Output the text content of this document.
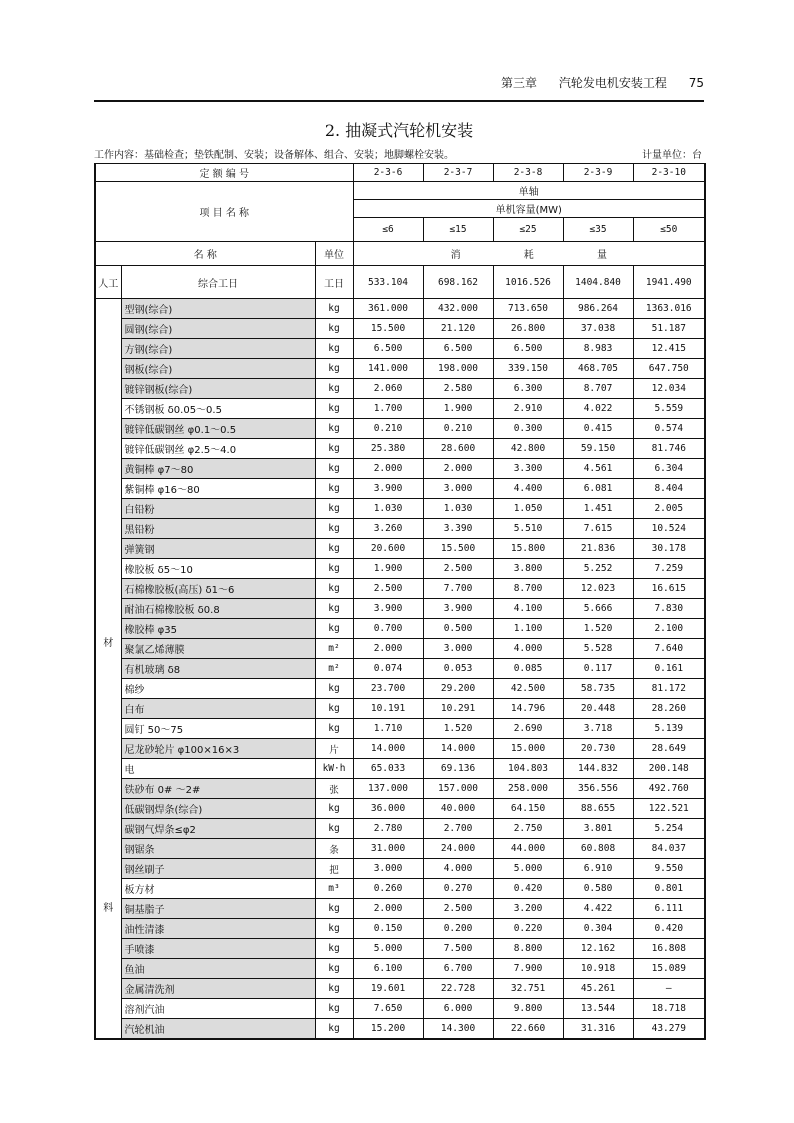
第三章 汽轮发电机安装工程 75
2. 抽凝式汽轮机安装
工作内容：基础检查；垫铁配制、安装；设备解体、组合、安装；地脚螺栓安装。	计量单位：台
定 额 编 号			2-3-6	2-3-7	2-3-8	2-3-9	2-3-10
项 目 名 称			单轴				
			单机容量(MW)				
			≤6	≤15	≤25	≤35	≤50
名 称		单位	消 耗 量				
人工	综合工日	工日	533.104	698.162	1016.526	1404.840	1941.490

材
料	型钢(综合)	kg	361.000	432.000	713.650	986.264	1363.016
	圆钢(综合)	kg	15.500	21.120	26.800	37.038	51.187
	方钢(综合)	kg	6.500	6.500	6.500	8.983	12.415
	钢板(综合)	kg	141.000	198.000	339.150	468.705	647.750
	镀锌钢板(综合)	kg	2.060	2.580	6.300	8.707	12.034
	不锈钢板 δ0.05～0.5	kg	1.700	1.900	2.910	4.022	5.559
	镀锌低碳钢丝 φ0.1～0.5	kg	0.210	0.210	0.300	0.415	0.574
	镀锌低碳钢丝 φ2.5～4.0	kg	25.380	28.600	42.800	59.150	81.746
	黄铜棒 φ7～80	kg	2.000	2.000	3.300	4.561	6.304
	紫铜棒 φ16～80	kg	3.900	3.000	4.400	6.081	8.404
	白铅粉	kg	1.030	1.030	1.050	1.451	2.005
	黑铅粉	kg	3.260	3.390	5.510	7.615	10.524
	弹簧钢	kg	20.600	15.500	15.800	21.836	30.178
	橡胶板 δ5～10	kg	1.900	2.500	3.800	5.252	7.259
	石棉橡胶板(高压) δ1～6	kg	2.500	7.700	8.700	12.023	16.615
	耐油石棉橡胶板 δ0.8	kg	3.900	3.900	4.100	5.666	7.830
	橡胶棒 φ35	kg	0.700	0.500	1.100	1.520	2.100
	聚氯乙烯薄膜	m²	2.000	3.000	4.000	5.528	7.640
	有机玻璃 δ8	m²	0.074	0.053	0.085	0.117	0.161
	棉纱	kg	23.700	29.200	42.500	58.735	81.172
	白布	kg	10.191	10.291	14.796	20.448	28.260
	圆钉 50～75	kg	1.710	1.520	2.690	3.718	5.139
	尼龙砂轮片 φ100×16×3	片	14.000	14.000	15.000	20.730	28.649
	电	kW·h	65.033	69.136	104.803	144.832	200.148
	铁砂布 0# ～2#	张	137.000	157.000	258.000	356.556	492.760
	低碳钢焊条(综合)	kg	36.000	40.000	64.150	88.655	122.521
	碳钢气焊条≤φ2	kg	2.780	2.700	2.750	3.801	5.254
	钢锯条	条	31.000	24.000	44.000	60.808	84.037
	钢丝刷子	把	3.000	4.000	5.000	6.910	9.550
	板方材	m³	0.260	0.270	0.420	0.580	0.801
	铜基脂子	kg	2.000	2.500	3.200	4.422	6.111
	油性清漆	kg	0.150	0.200	0.220	0.304	0.420
	手喷漆	kg	5.000	7.500	8.800	12.162	16.808
	鱼油	kg	6.100	6.700	7.900	10.918	15.089
	金属清洗剂	kg	19.601	22.728	32.751	45.261	—
	溶剂汽油	kg	7.650	6.000	9.800	13.544	18.718
	汽轮机油	kg	15.200	14.300	22.660	31.316	43.279
